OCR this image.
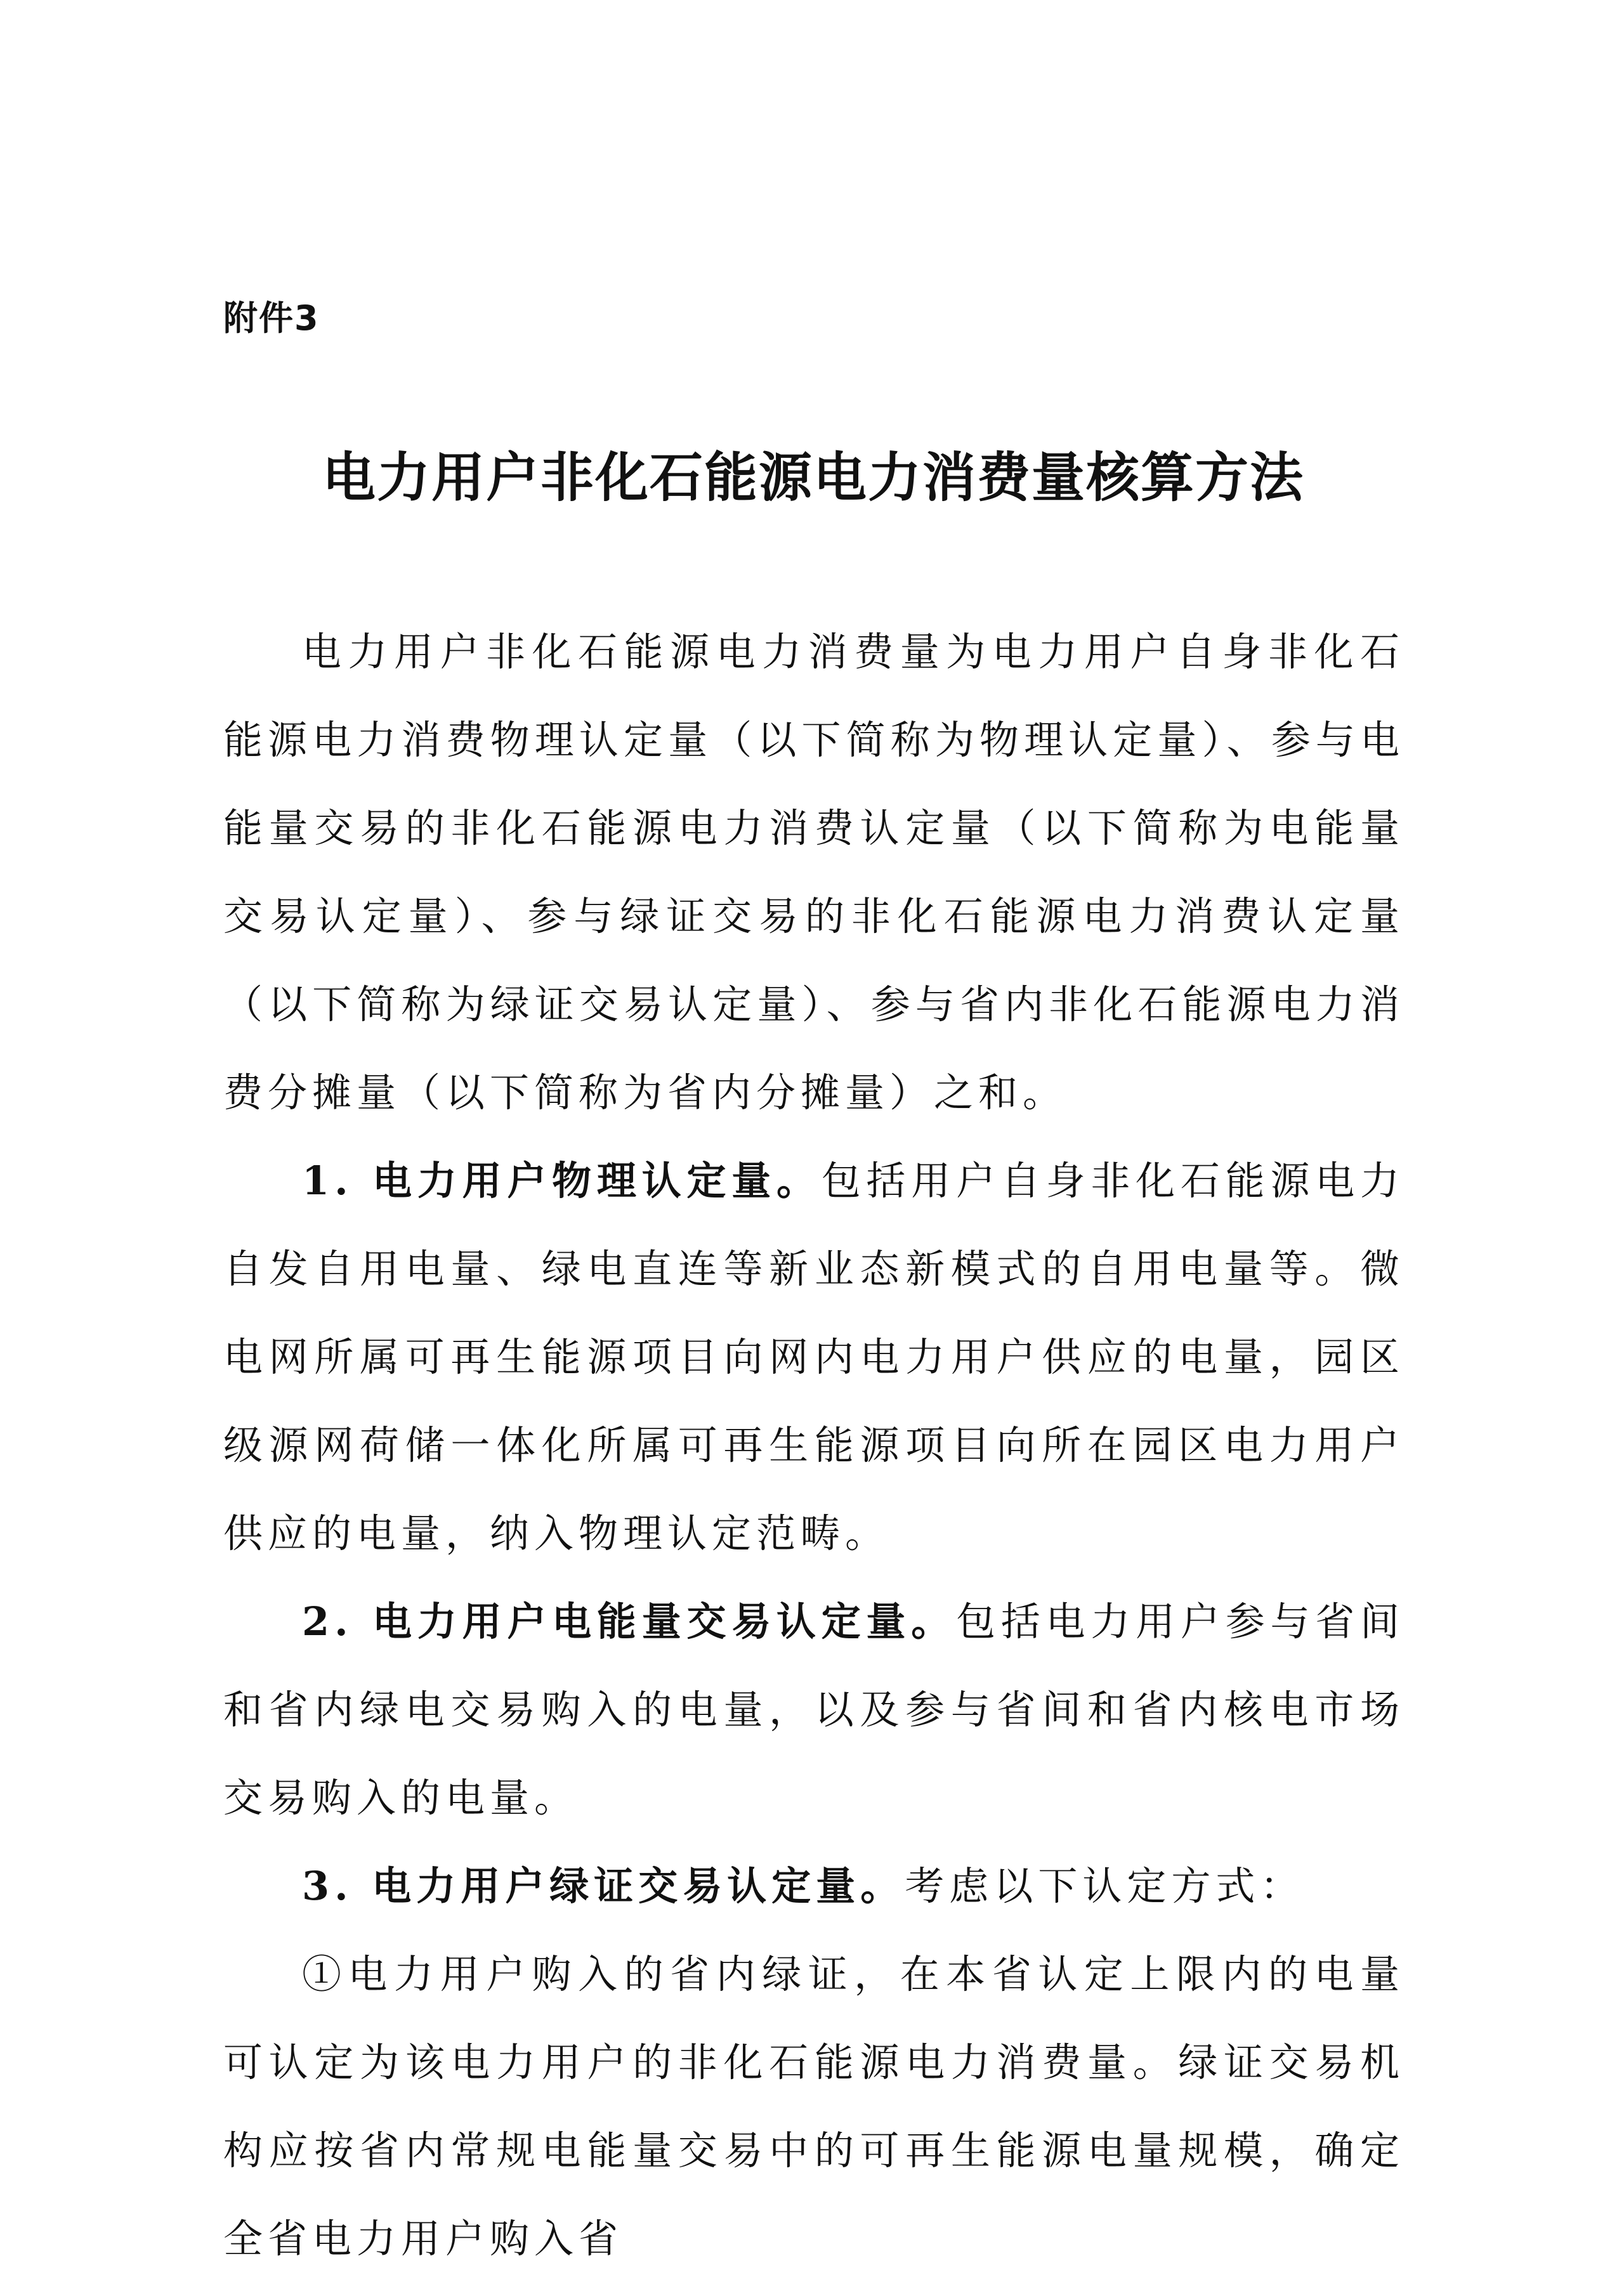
附件3
电力用户非化石能源电力消费量核算方法

电力用户非化石能源电力消费量为电力用户自身非化石能源电力消费物理认定量（以下简称为物理认定量）、参与电能量交易的非化石能源电力消费认定量（以下简称为电能量交易认定量）、参与绿证交易的非化石能源电力消费认定量（以下简称为绿证交易认定量）、参与省内非化石能源电力消费分摊量（以下简称为省内分摊量）之和。

1. 电力用户物理认定量。包括用户自身非化石能源电力自发自用电量、绿电直连等新业态新模式的自用电量等。微电网所属可再生能源项目向网内电力用户供应的电量，园区级源网荷储一体化所属可再生能源项目向所在园区电力用户供应的电量，纳入物理认定范畴。

2. 电力用户电能量交易认定量。包括电力用户参与省间和省内绿电交易购入的电量，以及参与省间和省内核电市场交易购入的电量。

3. 电力用户绿证交易认定量。考虑以下认定方式：

①电力用户购入的省内绿证，在本省认定上限内的电量可认定为该电力用户的非化石能源电力消费量。绿证交易机构应按省内常规电能量交易中的可再生能源电量规模，确定全省电力用户购入省
